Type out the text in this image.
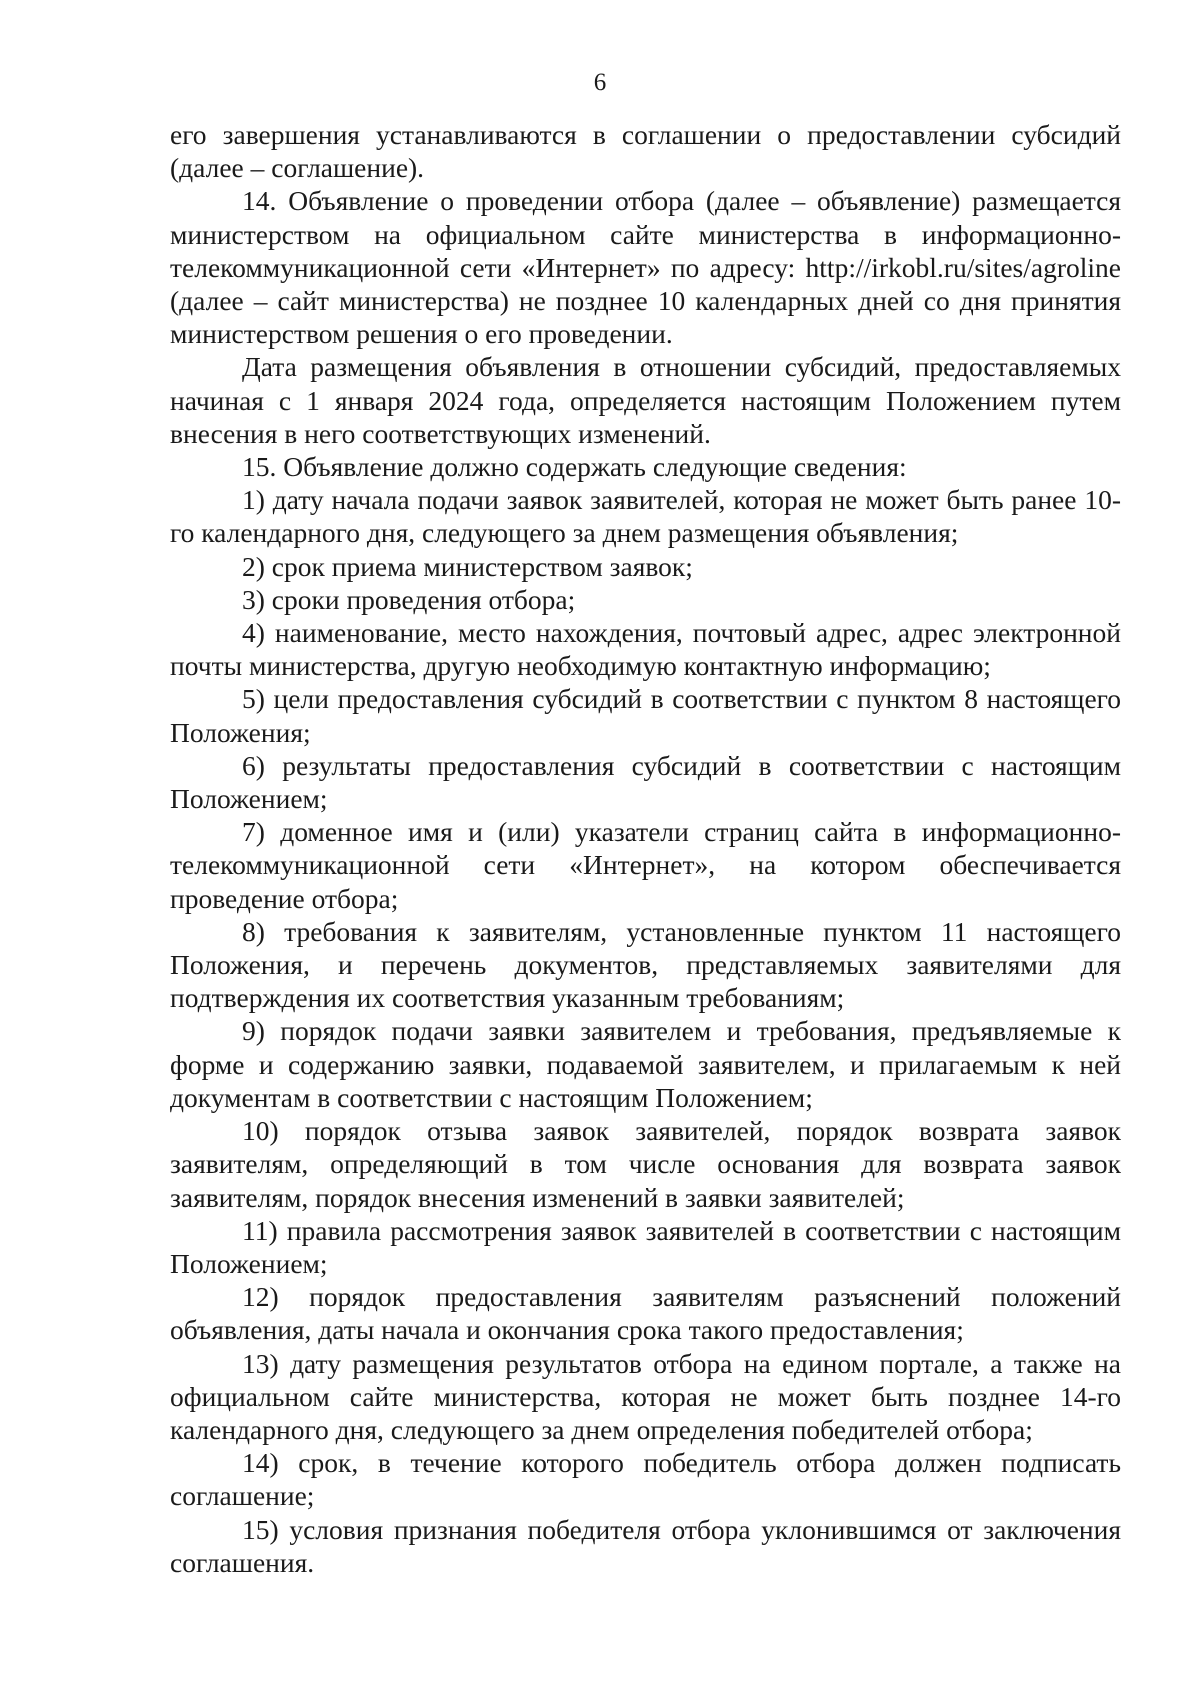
6

его завершения устанавливаются в соглашении о предоставлении субсидий (далее – соглашение).

14. Объявление о проведении отбора (далее – объявление) размещается министерством на официальном сайте министерства в информационно-телекоммуникационной сети «Интернет» по адресу: http://irkobl.ru/sites/agroline (далее – сайт министерства) не позднее 10 календарных дней со дня принятия министерством решения о его проведении.

Дата размещения объявления в отношении субсидий, предоставляемых начиная с 1 января 2024 года, определяется настоящим Положением путем внесения в него соответствующих изменений.

15. Объявление должно содержать следующие сведения:

1) дату начала подачи заявок заявителей, которая не может быть ранее 10-го календарного дня, следующего за днем размещения объявления;

2) срок приема министерством заявок;

3) сроки проведения отбора;

4) наименование, место нахождения, почтовый адрес, адрес электронной почты министерства, другую необходимую контактную информацию;

5) цели предоставления субсидий в соответствии с пунктом 8 настоящего Положения;

6) результаты предоставления субсидий в соответствии с настоящим Положением;

7) доменное имя и (или) указатели страниц сайта в информационно-телекоммуникационной сети «Интернет», на котором обеспечивается проведение отбора;

8) требования к заявителям, установленные пунктом 11 настоящего Положения, и перечень документов, представляемых заявителями для подтверждения их соответствия указанным требованиям;

9) порядок подачи заявки заявителем и требования, предъявляемые к форме и содержанию заявки, подаваемой заявителем, и прилагаемым к ней документам в соответствии с настоящим Положением;

10) порядок отзыва заявок заявителей, порядок возврата заявок заявителям, определяющий в том числе основания для возврата заявок заявителям, порядок внесения изменений в заявки заявителей;

11) правила рассмотрения заявок заявителей в соответствии с настоящим Положением;

12) порядок предоставления заявителям разъяснений положений объявления, даты начала и окончания срока такого предоставления;

13) дату размещения результатов отбора на едином портале, а также на официальном сайте министерства, которая не может быть позднее 14-го календарного дня, следующего за днем определения победителей отбора;

14) срок, в течение которого победитель отбора должен подписать соглашение;

15) условия признания победителя отбора уклонившимся от заключения соглашения.
